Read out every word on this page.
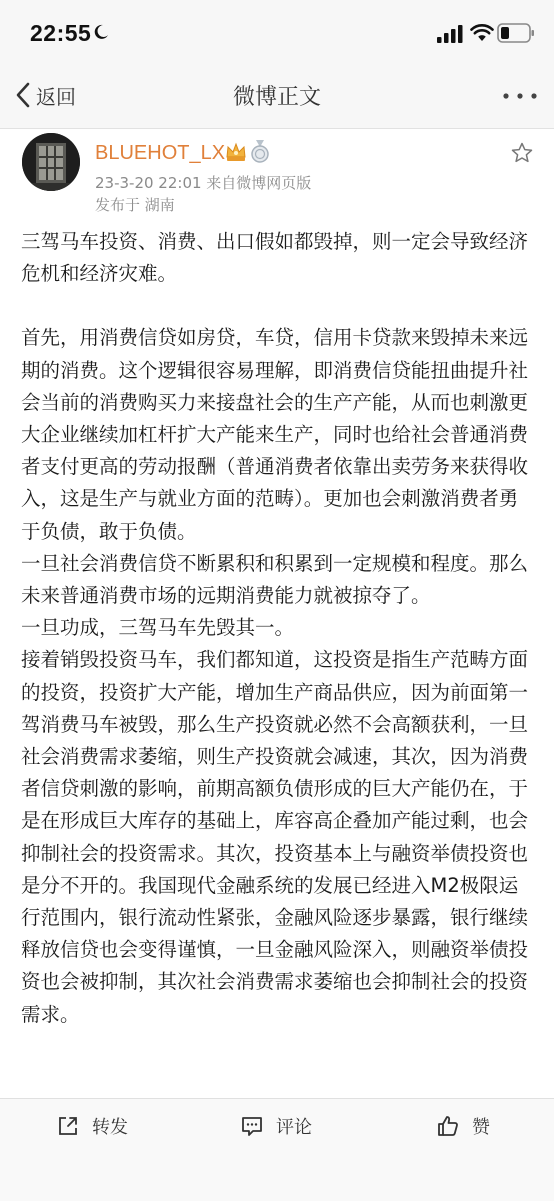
22:55
返回	微博正文
BLUEHOT_LX
23-3-20 22:01 来自微博网页版
发布于 湖南

三驾马车投资、消费、出口假如都毁掉，则一定会导致经济危机和经济灾难。

首先，用消费信贷如房贷，车贷，信用卡贷款来毁掉未来远期的消费。这个逻辑很容易理解，即消费信贷能扭曲提升社会当前的消费购买力来接盘社会的生产产能，从而也刺激更大企业继续加杠杆扩大产能来生产，同时也给社会普通消费者支付更高的劳动报酬（普通消费者依靠出卖劳务来获得收入，这是生产与就业方面的范畴）。更加也会刺激消费者勇于负债，敢于负债。

一旦社会消费信贷不断累积和积累到一定规模和程度。那么未来普通消费市场的远期消费能力就被掠夺了。

一旦功成，三驾马车先毁其一。

接着销毁投资马车，我们都知道，这投资是指生产范畴方面的投资，投资扩大产能，增加生产商品供应，因为前面第一驾消费马车被毁，那么生产投资就必然不会高额获利，一旦社会消费需求萎缩，则生产投资就会减速，其次，因为消费者信贷刺激的影响，前期高额负债形成的巨大产能仍在，于是在形成巨大库存的基础上，库容高企叠加产能过剩，也会抑制社会的投资需求。其次，投资基本上与融资举债投资也是分不开的。我国现代金融系统的发展已经进入M2极限运行范围内，银行流动性紧张，金融风险逐步暴露，银行继续释放信贷也会变得谨慎，一旦金融风险深入，则融资举债投资也会被抑制，其次社会消费需求萎缩也会抑制社会的投资需求。

转发	评论	赞
